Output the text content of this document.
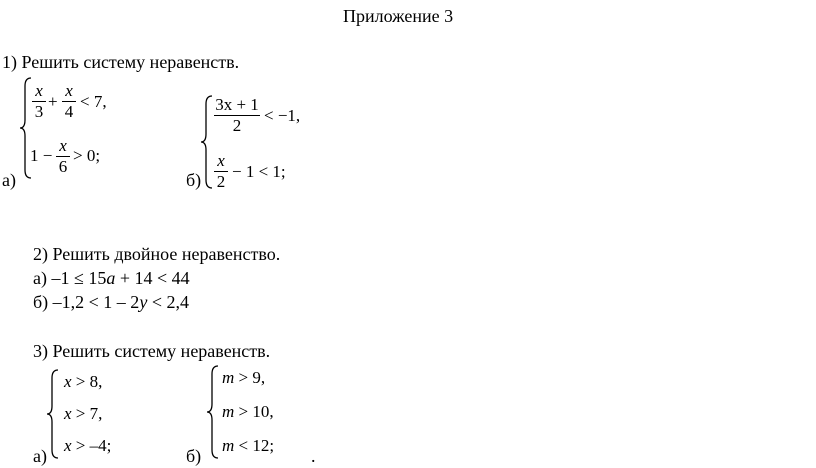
Приложение 3
1) Решить систему неравенств.
x
3
+
x
4
< 7,
1 −
x
6
> 0;
а)
3x + 1
2
< −1,
x
2
− 1 < 1;
б)
2) Решить двойное неравенство.
а) –1 ≤ 15a + 14 < 44
б) –1,2 < 1 – 2y < 2,4
3) Решить систему неравенств.
x > 8,
x > 7,
x > –4;
а)
m > 9,
m > 10,
m < 12;
б)	.
